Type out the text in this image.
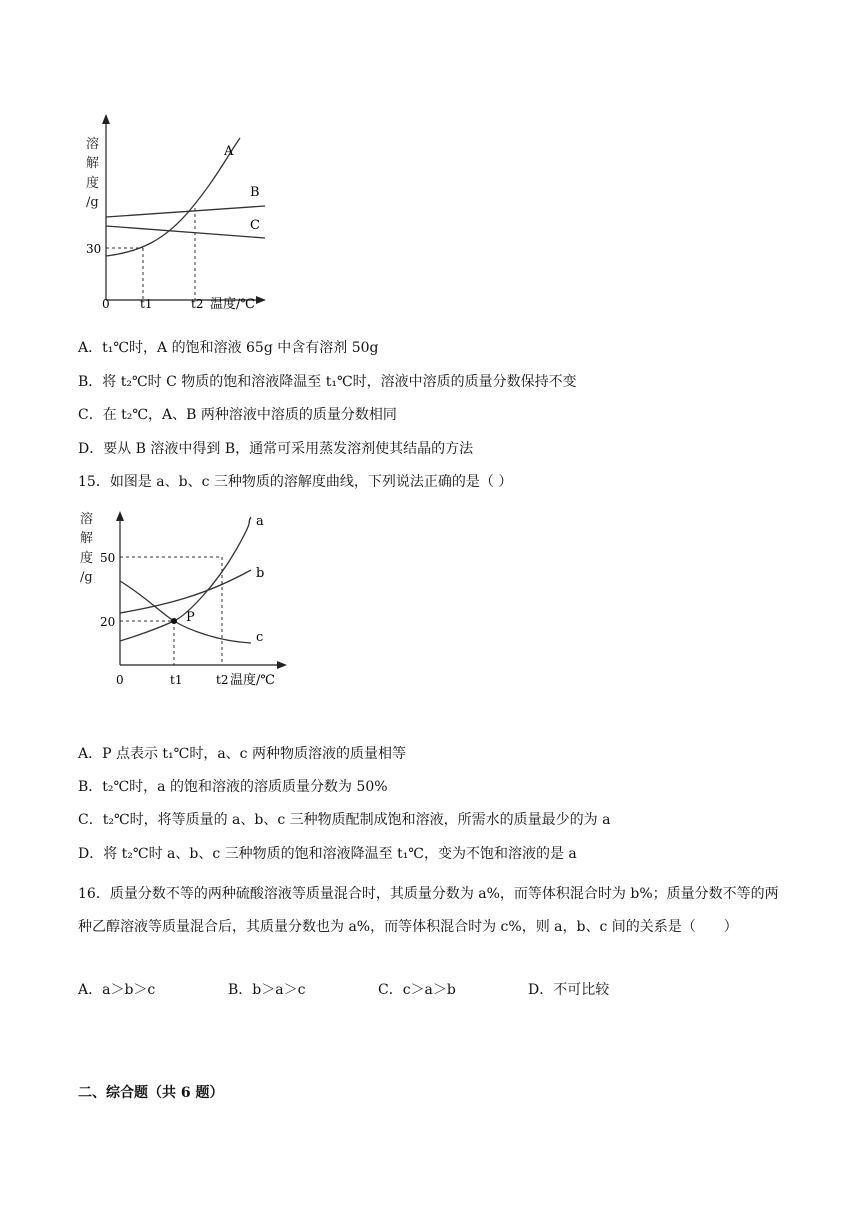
溶解度/g
A
B
C
30
0	t1	t2 温度/℃
A．t₁℃时，A 的饱和溶液 65g 中含有溶剂 50g
B．将 t₂℃时 C 物质的饱和溶液降温至 t₁℃时，溶液中溶质的质量分数保持不变
C．在 t₂℃，A、B 两种溶液中溶质的质量分数相同
D．要从 B 溶液中得到 B，通常可采用蒸发溶剂使其结晶的方法
15．如图是 a、b、c 三种物质的溶解度曲线，下列说法正确的是（ ）
溶解度/g
P
a
b
c
50
20
0	t1	t2 温度/℃
A．P 点表示 t₁℃时，a、c 两种物质溶液的质量相等
B．t₂℃时，a 的饱和溶液的溶质质量分数为 50%
C．t₂℃时，将等质量的 a、b、c 三种物质配制成饱和溶液，所需水的质量最少的为 a
D．将 t₂℃时 a、b、c 三种物质的饱和溶液降温至 t₁℃，变为不饱和溶液的是 a
16．质量分数不等的两种硫酸溶液等质量混合时，其质量分数为 a%，而等体积混合时为 b%；质量分数不等的两种乙醇溶液等质量混合后，其质量分数也为 a%，而等体积混合时为 c%，则 a，b、c 间的关系是（　　）
A．a＞b＞c	B．b＞a＞c	C．c＞a＞b	D．不可比较
二、综合题（共 6 题）
